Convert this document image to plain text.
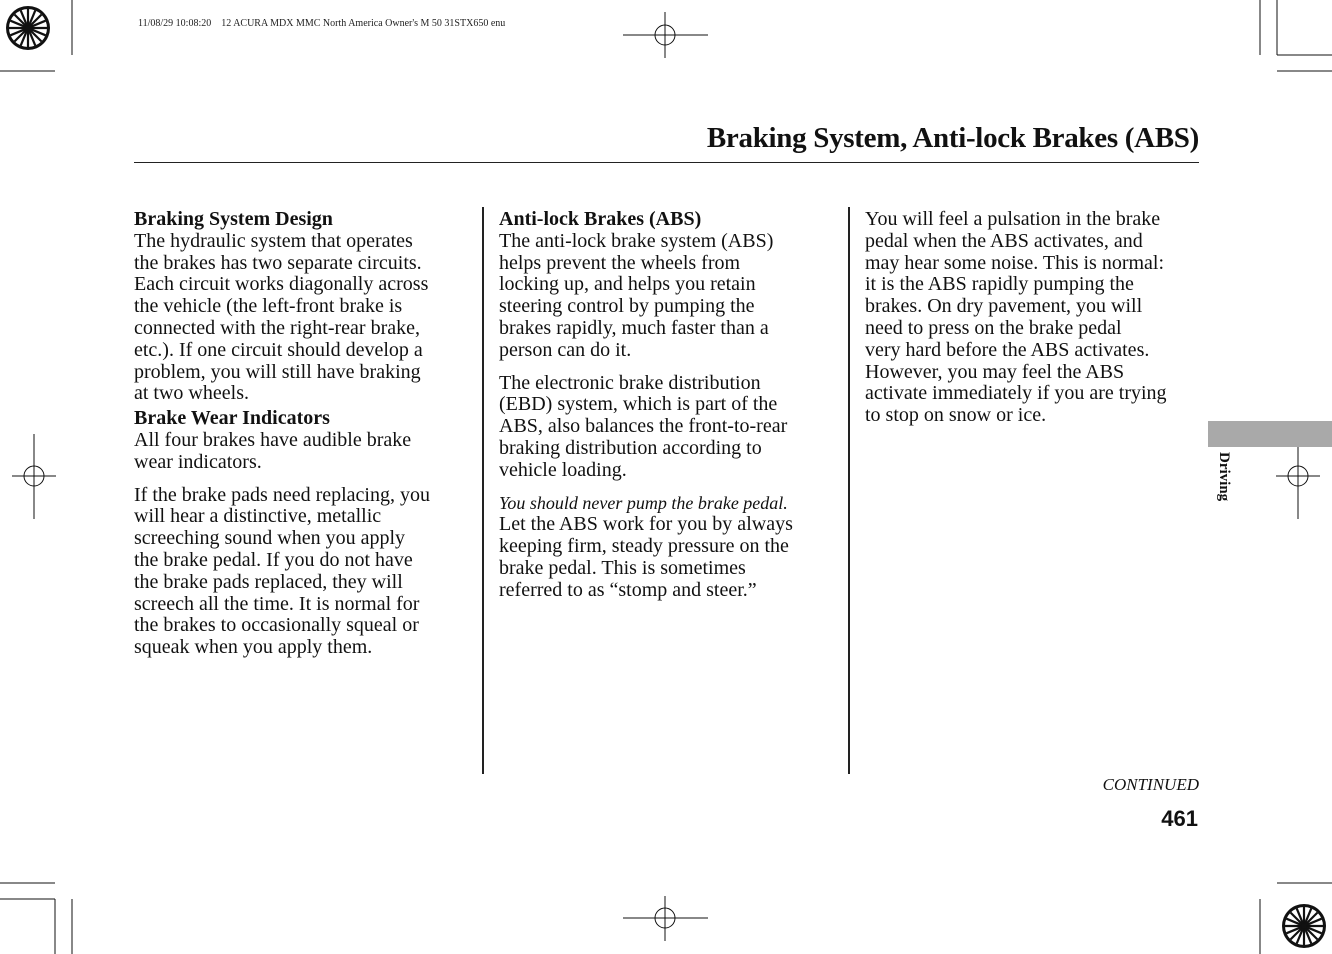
11/08/29 10:08:20    12 ACURA MDX MMC North America Owner's M 50 31STX650 enu
Braking System, Anti-lock Brakes (ABS)

Braking System Design
The hydraulic system that operates
the brakes has two separate circuits.
Each circuit works diagonally across
the vehicle (the left-front brake is
connected with the right-rear brake,
etc.). If one circuit should develop a
problem, you will still have braking
at two wheels.

Brake Wear Indicators
All four brakes have audible brake
wear indicators.

If the brake pads need replacing, you
will hear a distinctive, metallic
screeching sound when you apply
the brake pedal. If you do not have
the brake pads replaced, they will
screech all the time. It is normal for
the brakes to occasionally squeal or
squeak when you apply them.

Anti-lock Brakes (ABS)
The anti-lock brake system (ABS)
helps prevent the wheels from
locking up, and helps you retain
steering control by pumping the
brakes rapidly, much faster than a
person can do it.

The electronic brake distribution
(EBD) system, which is part of the
ABS, also balances the front-to-rear
braking distribution according to
vehicle loading.

You should never pump the brake pedal.
Let the ABS work for you by always
keeping firm, steady pressure on the
brake pedal. This is sometimes
referred to as “stomp and steer.”

You will feel a pulsation in the brake
pedal when the ABS activates, and
may hear some noise. This is normal:
it is the ABS rapidly pumping the
brakes. On dry pavement, you will
need to press on the brake pedal
very hard before the ABS activates.
However, you may feel the ABS
activate immediately if you are trying
to stop on snow or ice.

Driving
CONTINUED
461
